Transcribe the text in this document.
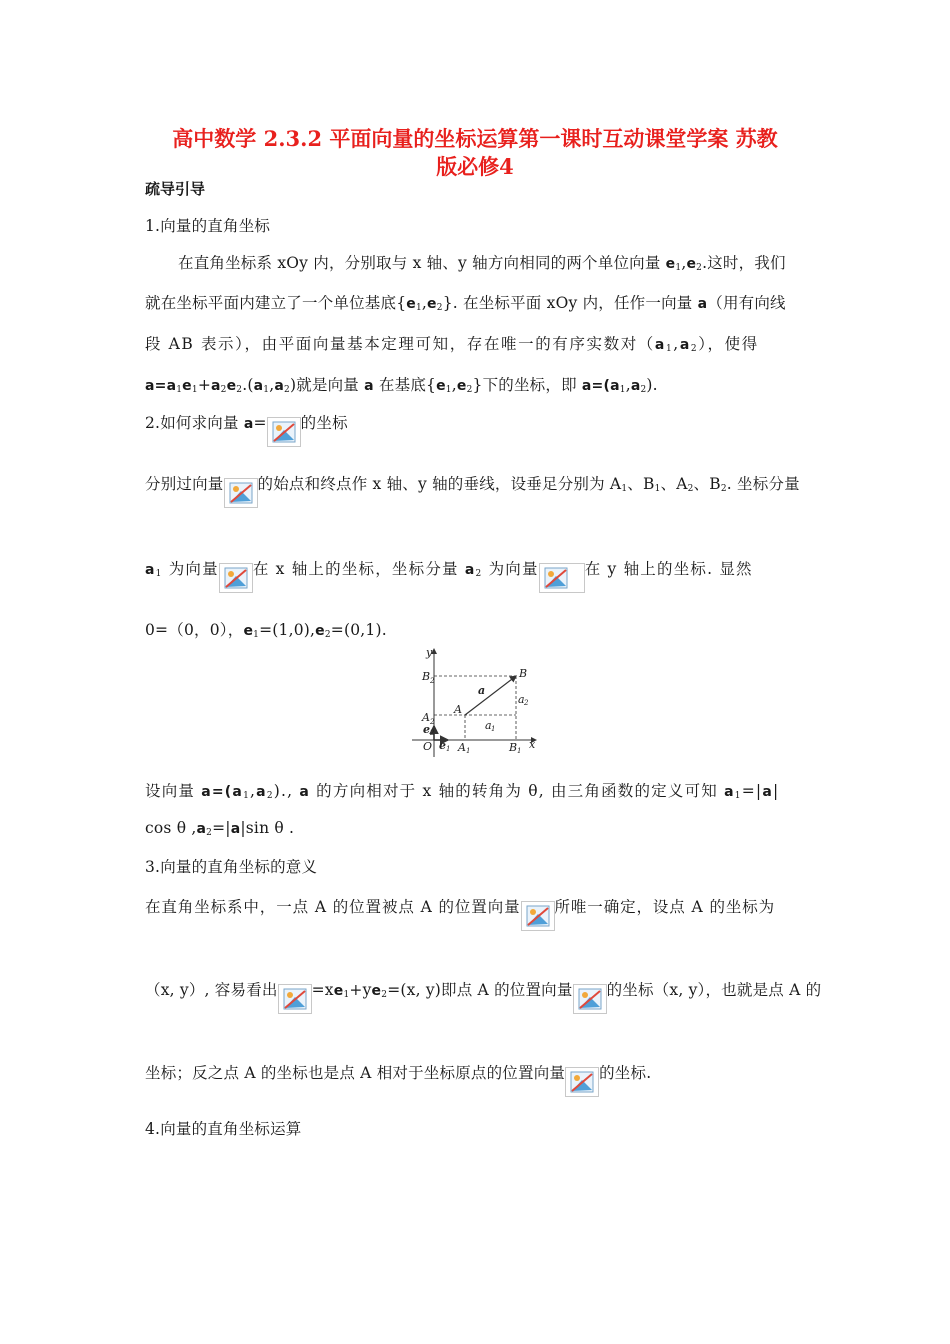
高中数学 2.3.2 平面向量的坐标运算第一课时互动课堂学案 苏教
版必修4
疏导引导
1.向量的直角坐标
在直角坐标系 xOy 内，分别取与 x 轴、y 轴方向相同的两个单位向量 $e_1,e_2$.这时，我们
就在坐标平面内建立了一个单位基底$\{e_1,e_2\}$. 在坐标平面 xOy 内，任作一向量 a（用有向线
段 AB 表示），由平面向量基本定理可知，存在唯一的有序实数对$(a_1,a_2)$，使得
$a=a_1e_1+a_2e_2.(a_1,a_2)$就是向量 a 在基底$\{e_1,e_2\}$下的坐标，即 $a=(a_1,a_2)$.
2.如何求向量 a= 的坐标
分别过向量 的始点和终点作 x 轴、y 轴的垂线，设垂足分别为 $A_1$、$B_1$、$A_2$、$B_2$. 坐标分量
$a_1$ 为向量 在 x 轴上的坐标，坐标分量 $a_2$ 为向量	在 y 轴上的坐标. 显然
0=（0，0），$e_1=(1,0),e_2=(0,1)$.
y
x
O
B 2
A 2
e 2
e 1 A 1	B 1
A
B
a
a 1
a 2
设向量 $a=(a_1,a_2)$., a 的方向相对于 x 轴的转角为 θ, 由三角函数的定义可知 $a_1=|a|$
cos θ $,a_2=|a|\sin$ θ .
3.向量的直角坐标的意义
在直角坐标系中，一点 A 的位置被点 A 的位置向量 所唯一确定，设点 A 的坐标为
（x, y）, 容易看出 $=xe_1+ye_2=(x$, y)即点 A 的位置向量 的坐标（x, y），也就是点 A 的
坐标；反之点 A 的坐标也是点 A 相对于坐标原点的位置向量 的坐标.
4.向量的直角坐标运算
